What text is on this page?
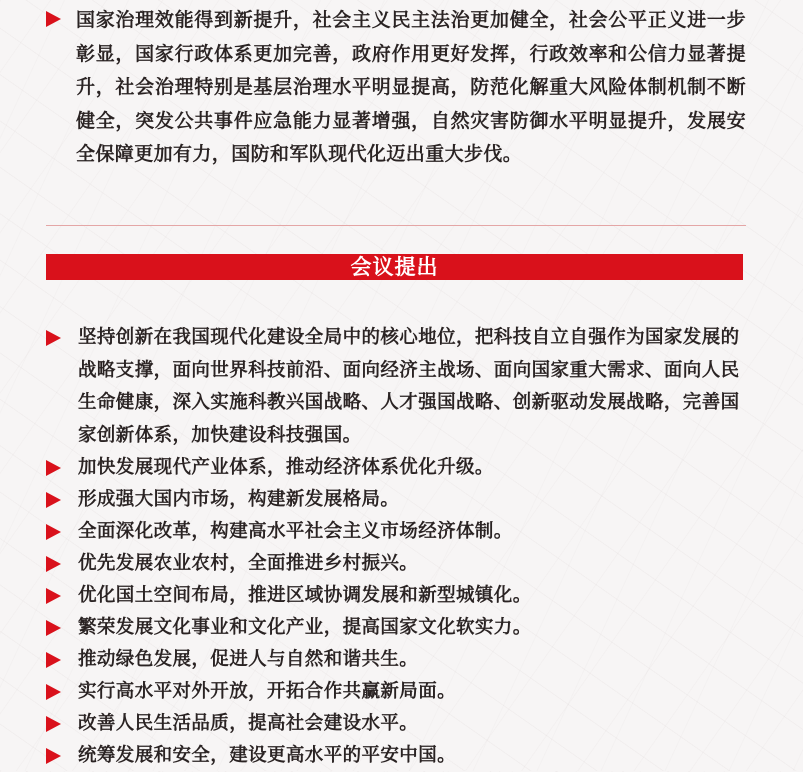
国家治理效能得到新提升，社会主义民主法治更加健全，社会公平正义进一步彰显，国家行政体系更加完善，政府作用更好发挥，行政效率和公信力显著提升，社会治理特别是基层治理水平明显提高，防范化解重大风险体制机制不断健全，突发公共事件应急能力显著增强，自然灾害防御水平明显提升，发展安全保障更加有力，国防和军队现代化迈出重大步伐。

会议提出
坚持创新在我国现代化建设全局中的核心地位，把科技自立自强作为国家发展的战略支撑，面向世界科技前沿、面向经济主战场、面向国家重大需求、面向人民生命健康，深入实施科教兴国战略、人才强国战略、创新驱动发展战略，完善国家创新体系，加快建设科技强国。
加快发展现代产业体系，推动经济体系优化升级。
形成强大国内市场，构建新发展格局。
全面深化改革，构建高水平社会主义市场经济体制。
优先发展农业农村，全面推进乡村振兴。
优化国土空间布局，推进区域协调发展和新型城镇化。
繁荣发展文化事业和文化产业，提高国家文化软实力。
推动绿色发展，促进人与自然和谐共生。
实行高水平对外开放，开拓合作共赢新局面。
改善人民生活品质，提高社会建设水平。
统筹发展和安全，建设更高水平的平安中国。
